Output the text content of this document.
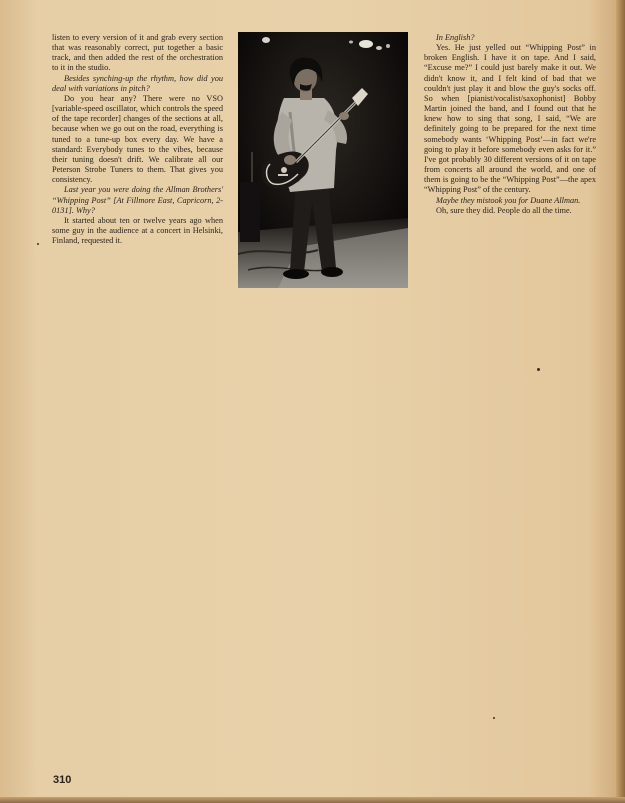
listen to every version of it and grab every section that was reasonably correct, put together a basic track, and then added the rest of the orchestration to it in the studio.

Besides synching-up the rhythm, how did you deal with variations in pitch?

Do you hear any? There were no VSO [variable-speed oscillator, which controls the speed of the tape recorder] changes of the sections at all, because when we go out on the road, everything is tuned to a tune-up box every day. We have a standard: Everybody tunes to the vibes, because their tuning doesn't drift. We calibrate all our Peterson Strobe Tuners to them. That gives you consistency.

Last year you were doing the Allman Brothers' “Whipping Post” [At Fillmore East, Capricorn, 2-0131]. Why?

It started about ten or twelve years ago when some guy in the audience at a concert in Helsinki, Finland, requested it.

In English?

Yes. He just yelled out “Whipping Post” in broken English. I have it on tape. And I said, “Excuse me?” I could just barely make it out. We didn't know it, and I felt kind of bad that we couldn't just play it and blow the guy's socks off. So when [pianist/vocalist/saxophonist] Bobby Martin joined the band, and I found out that he knew how to sing that song, I said, “We are definitely going to be prepared for the next time somebody wants ‘Whipping Post’—in fact we're going to play it before somebody even asks for it.” I've got probably 30 different versions of it on tape from concerts all around the world, and one of them is going to be the “Whipping Post”—the apex “Whipping Post” of the century.

Maybe they mistook you for Duane Allman.

Oh, sure they did. People do all the time.

310
